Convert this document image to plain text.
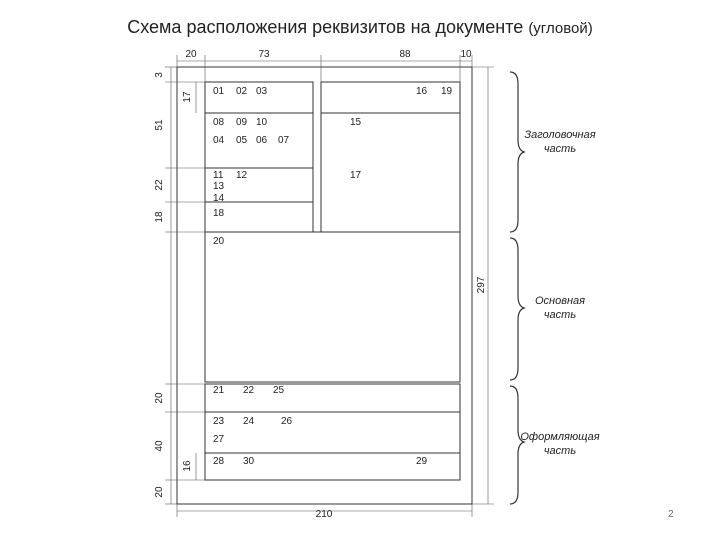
Схема расположения реквизитов на документе (угловой)
20	73	88	10
3
17
51
22
18
20
40
16
20
210
297
01 02 03	16 19
08 09 10	15
04 05 06 07
11 12	17
13
14
18
20
21 22 25
23 24	26
27
28 30	29
Заголовочная
часть
Основная
часть
Оформляющая
часть
2
